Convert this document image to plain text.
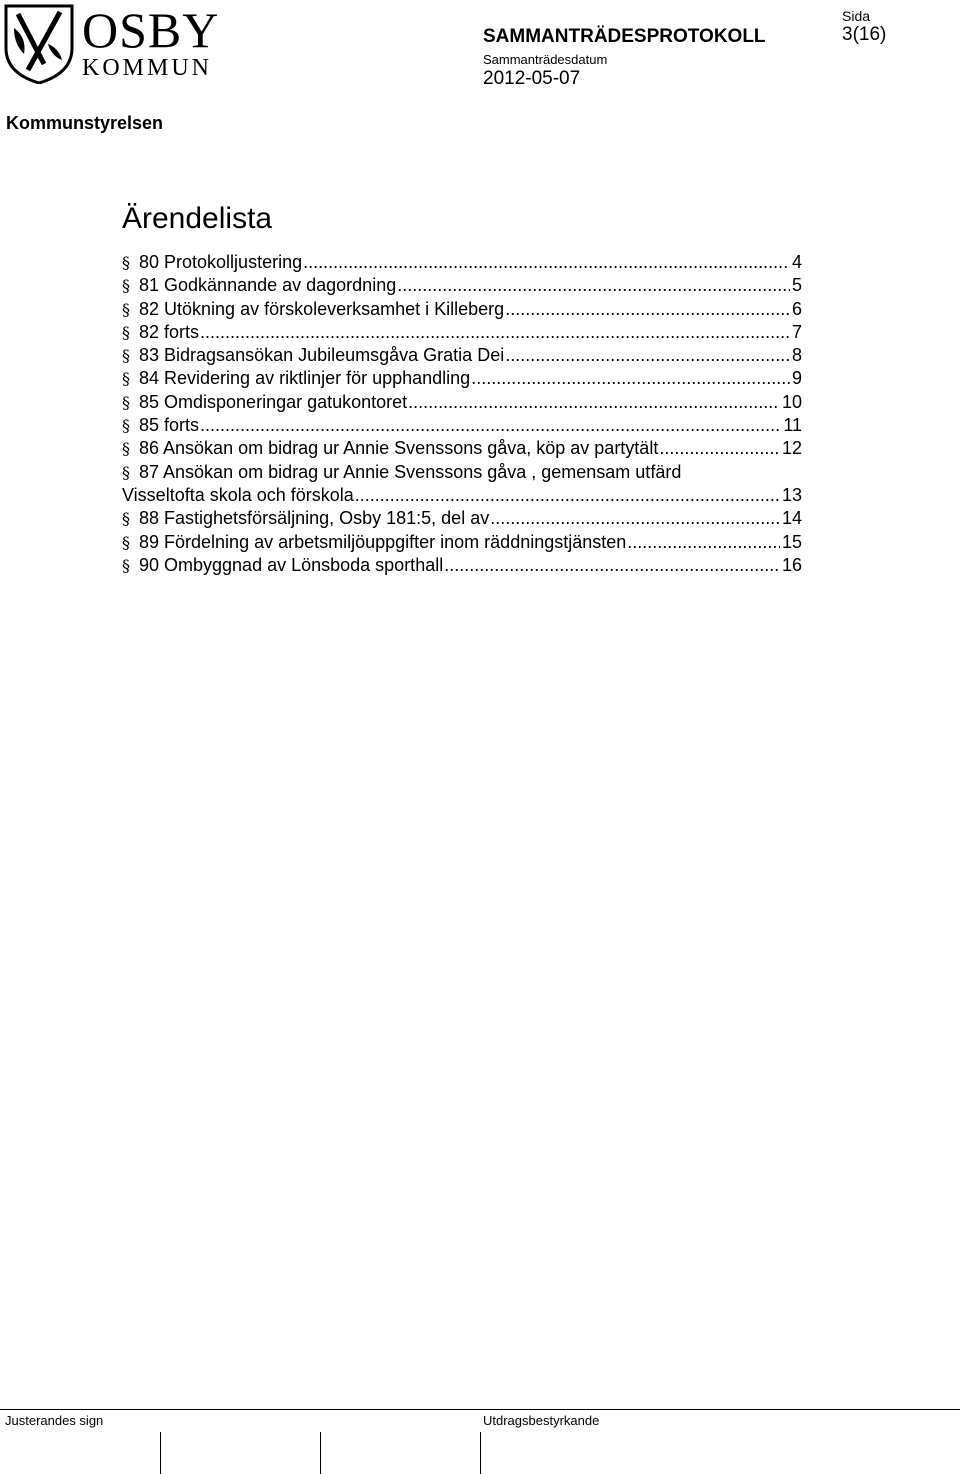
OSBY
KOMMUN
SAMMANTRÄDESPROTOKOLL
Sammanträdesdatum
2012-05-07
Sida
3(16)
Kommunstyrelsen
Ärendelista
§ 80 Protokolljustering .....	4
§ 81 Godkännande av dagordning .....	5
§ 82 Utökning av förskoleverksamhet i Killeberg .....	6
§ 82 forts .....	7
§ 83 Bidragsansökan Jubileumsgåva Gratia Dei .....	8
§ 84 Revidering av riktlinjer för upphandling .....	9
§ 85 Omdisponeringar gatukontoret .....	10
§ 85 forts .....	11
§ 86 Ansökan om bidrag ur Annie Svenssons gåva, köp av partytält .....	12
§ 87 Ansökan om bidrag ur Annie Svenssons gåva , gemensam utfärd
Visseltofta skola och förskola .....	13
§ 88 Fastighetsförsäljning, Osby 181:5, del av .....	14
§ 89 Fördelning av arbetsmiljöuppgifter inom räddningstjänsten .....	15
§ 90 Ombyggnad av Lönsboda sporthall .....	16
Justerandes sign	Utdragsbestyrkande
